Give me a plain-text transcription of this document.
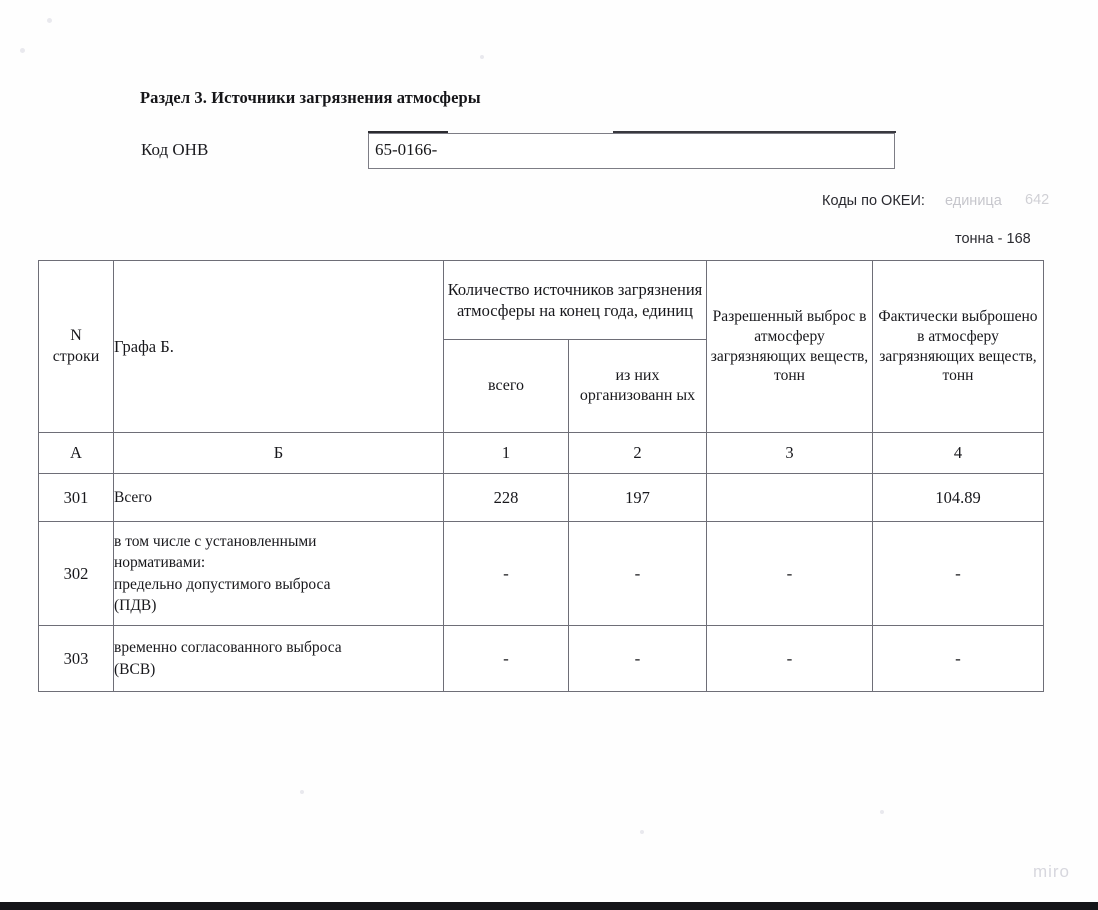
Раздел 3. Источники загрязнения атмосферы
Код ОНВ	65-0166-
Коды по ОКЕИ: единица 642
тонна - 168
N
строки	Графа Б.	Количество источников загрязнения атмосферы на конец года, единиц		Разрешенный выброс в атмосферу загрязняющих веществ, тонн	Фактически выброшено в атмосферу загрязняющих веществ, тонн
		всего	из них организованн ых		
А	Б	1	2	3	4
301	Всего	228	197		104.89
302	в том числе с установленными
нормативами:
предельно допустимого выброса
(ПДВ)	-	-	-	-
303	временно согласованного выброса
(ВСВ)	-	-	-	-
miro
